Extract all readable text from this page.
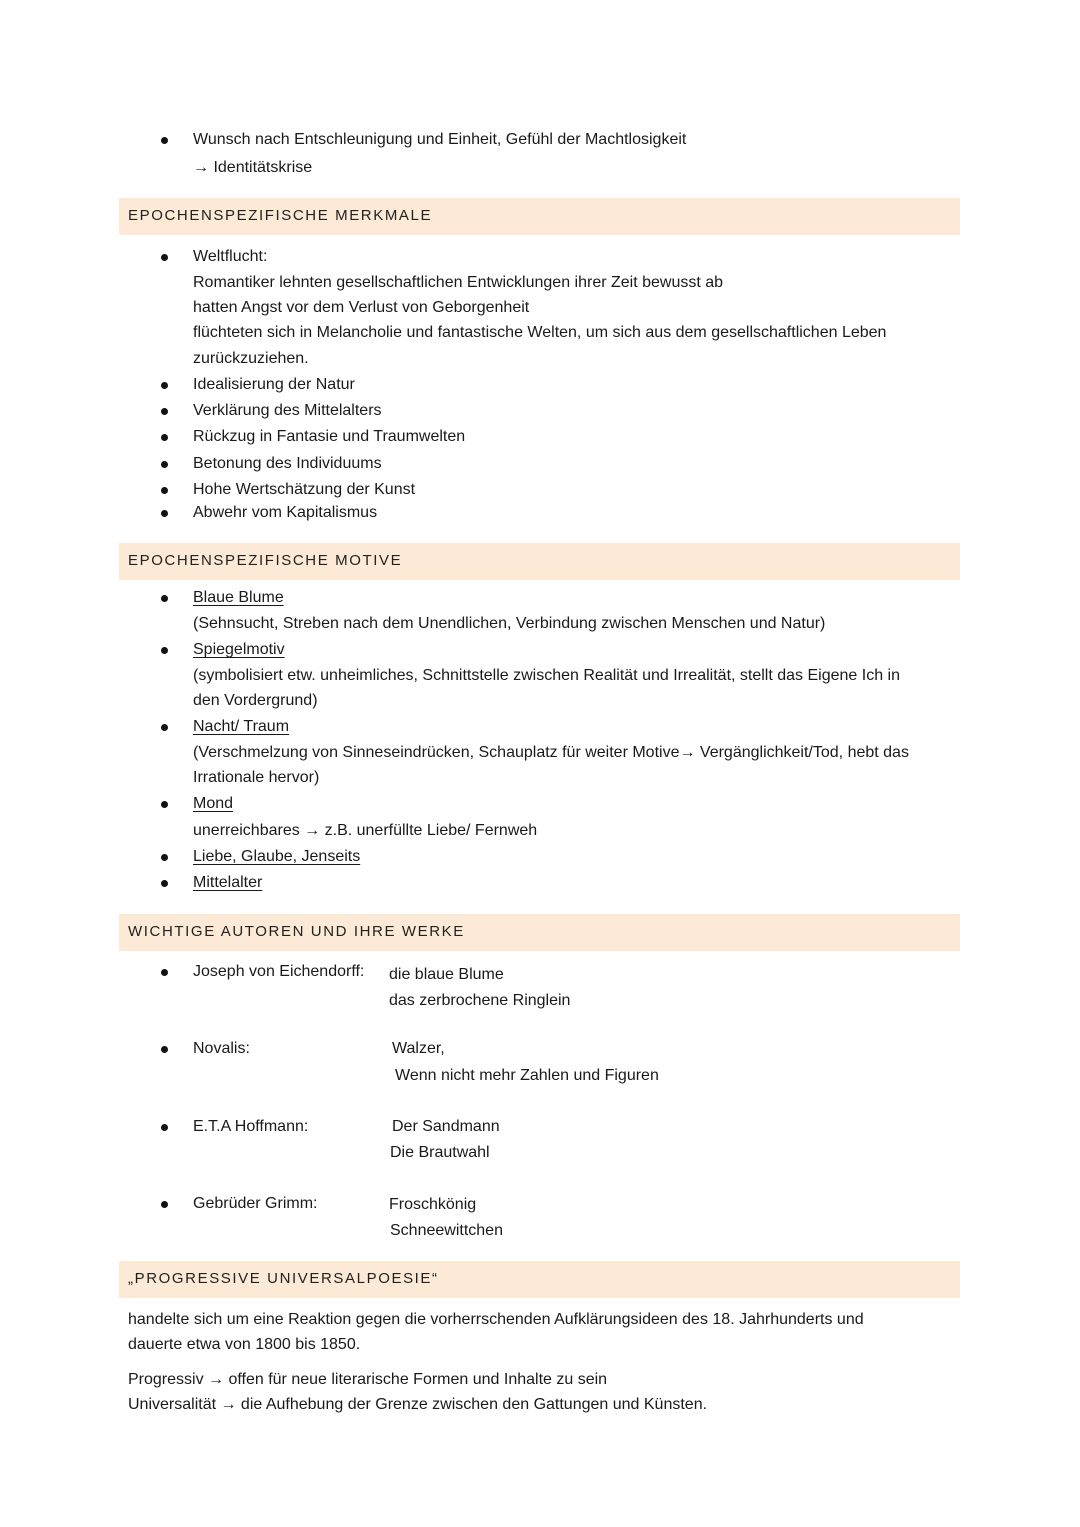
Wunsch nach Entschleunigung und Einheit, Gefühl der Machtlosigkeit
→ Identitätskrise
EPOCHENSPEZIFISCHE MERKMALE
Weltflucht:
Romantiker lehnten gesellschaftlichen Entwicklungen ihrer Zeit bewusst ab
hatten Angst vor dem Verlust von Geborgenheit
flüchteten sich in Melancholie und fantastische Welten, um sich aus dem gesellschaftlichen Leben
zurückzuziehen.
Idealisierung der Natur
Verklärung des Mittelalters
Rückzug in Fantasie und Traumwelten
Betonung des Individuums
Hohe Wertschätzung der Kunst
Abwehr vom Kapitalismus
EPOCHENSPEZIFISCHE MOTIVE
Blaue Blume
(Sehnsucht, Streben nach dem Unendlichen, Verbindung zwischen Menschen und Natur)
Spiegelmotiv
(symbolisiert etw. unheimliches, Schnittstelle zwischen Realität und Irrealität, stellt das Eigene Ich in
den Vordergrund)
Nacht/ Traum
(Verschmelzung von Sinneseindrücken, Schauplatz für weiter Motive→ Vergänglichkeit/Tod, hebt das
Irrationale hervor)
Mond
unerreichbares → z.B. unerfüllte Liebe/ Fernweh
Liebe, Glaube, Jenseits
Mittelalter
WICHTIGE AUTOREN UND IHRE WERKE
Joseph von Eichendorff: die blaue Blume
das zerbrochene Ringlein
Novalis:	Walzer,
Wenn nicht mehr Zahlen und Figuren
E.T.A Hoffmann:	Der Sandmann
Die Brautwahl
Gebrüder Grimm:	Froschkönig
Schneewittchen
„PROGRESSIVE UNIVERSALPOESIE“
handelte sich um eine Reaktion gegen die vorherrschenden Aufklärungsideen des 18. Jahrhunderts und
dauerte etwa von 1800 bis 1850.
Progressiv → offen für neue literarische Formen und Inhalte zu sein
Universalität → die Aufhebung der Grenze zwischen den Gattungen und Künsten.
